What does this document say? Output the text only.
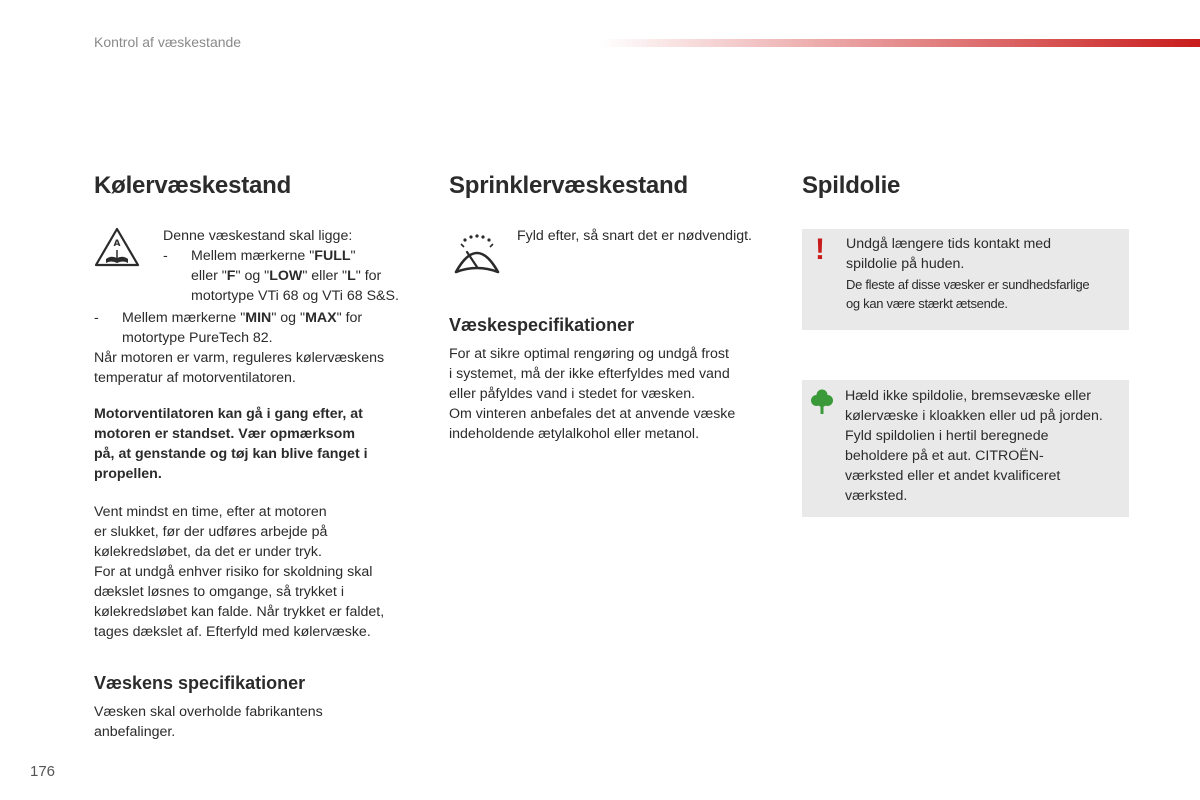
Kontrol af væskestande
Kølervæskestand
A	Denne væskestand skal ligge:
- Mellem mærkerne "FULL"
eller "F" og "LOW" eller "L" for
motortype VTi 68 og VTi 68 S&S.
- Mellem mærkerne "MIN" og "MAX" for
motortype PureTech 82.
Når motoren er varm, reguleres kølervæskens
temperatur af motorventilatoren.
Motorventilatoren kan gå i gang efter, at
motoren er standset. Vær opmærksom
på, at genstande og tøj kan blive fanget i
propellen.
Vent mindst en time, efter at motoren
er slukket, før der udføres arbejde på
kølekredsløbet, da det er under tryk.
For at undgå enhver risiko for skoldning skal
dækslet løsnes to omgange, så trykket i
kølekredsløbet kan falde. Når trykket er faldet,
tages dækslet af. Efterfyld med kølervæske.
Væskens specifikationer
Væsken skal overholde fabrikantens
anbefalinger.
Sprinklervæskestand
Fyld efter, så snart det er nødvendigt.
Væskespecifikationer
For at sikre optimal rengøring og undgå frost
i systemet, må der ikke efterfyldes med vand
eller påfyldes vand i stedet for væsken.
Om vinteren anbefales det at anvende væske
indeholdende ætylalkohol eller metanol.
Spildolie
! Undgå længere tids kontakt med
spildolie på huden.
De fleste af disse væsker er sundhedsfarlige
og kan være stærkt ætsende.
Hæld ikke spildolie, bremsevæske eller
kølervæske i kloakken eller ud på jorden.
Fyld spildolien i hertil beregnede
beholdere på et aut. CITROËN-
værksted eller et andet kvalificeret
værksted.
176
